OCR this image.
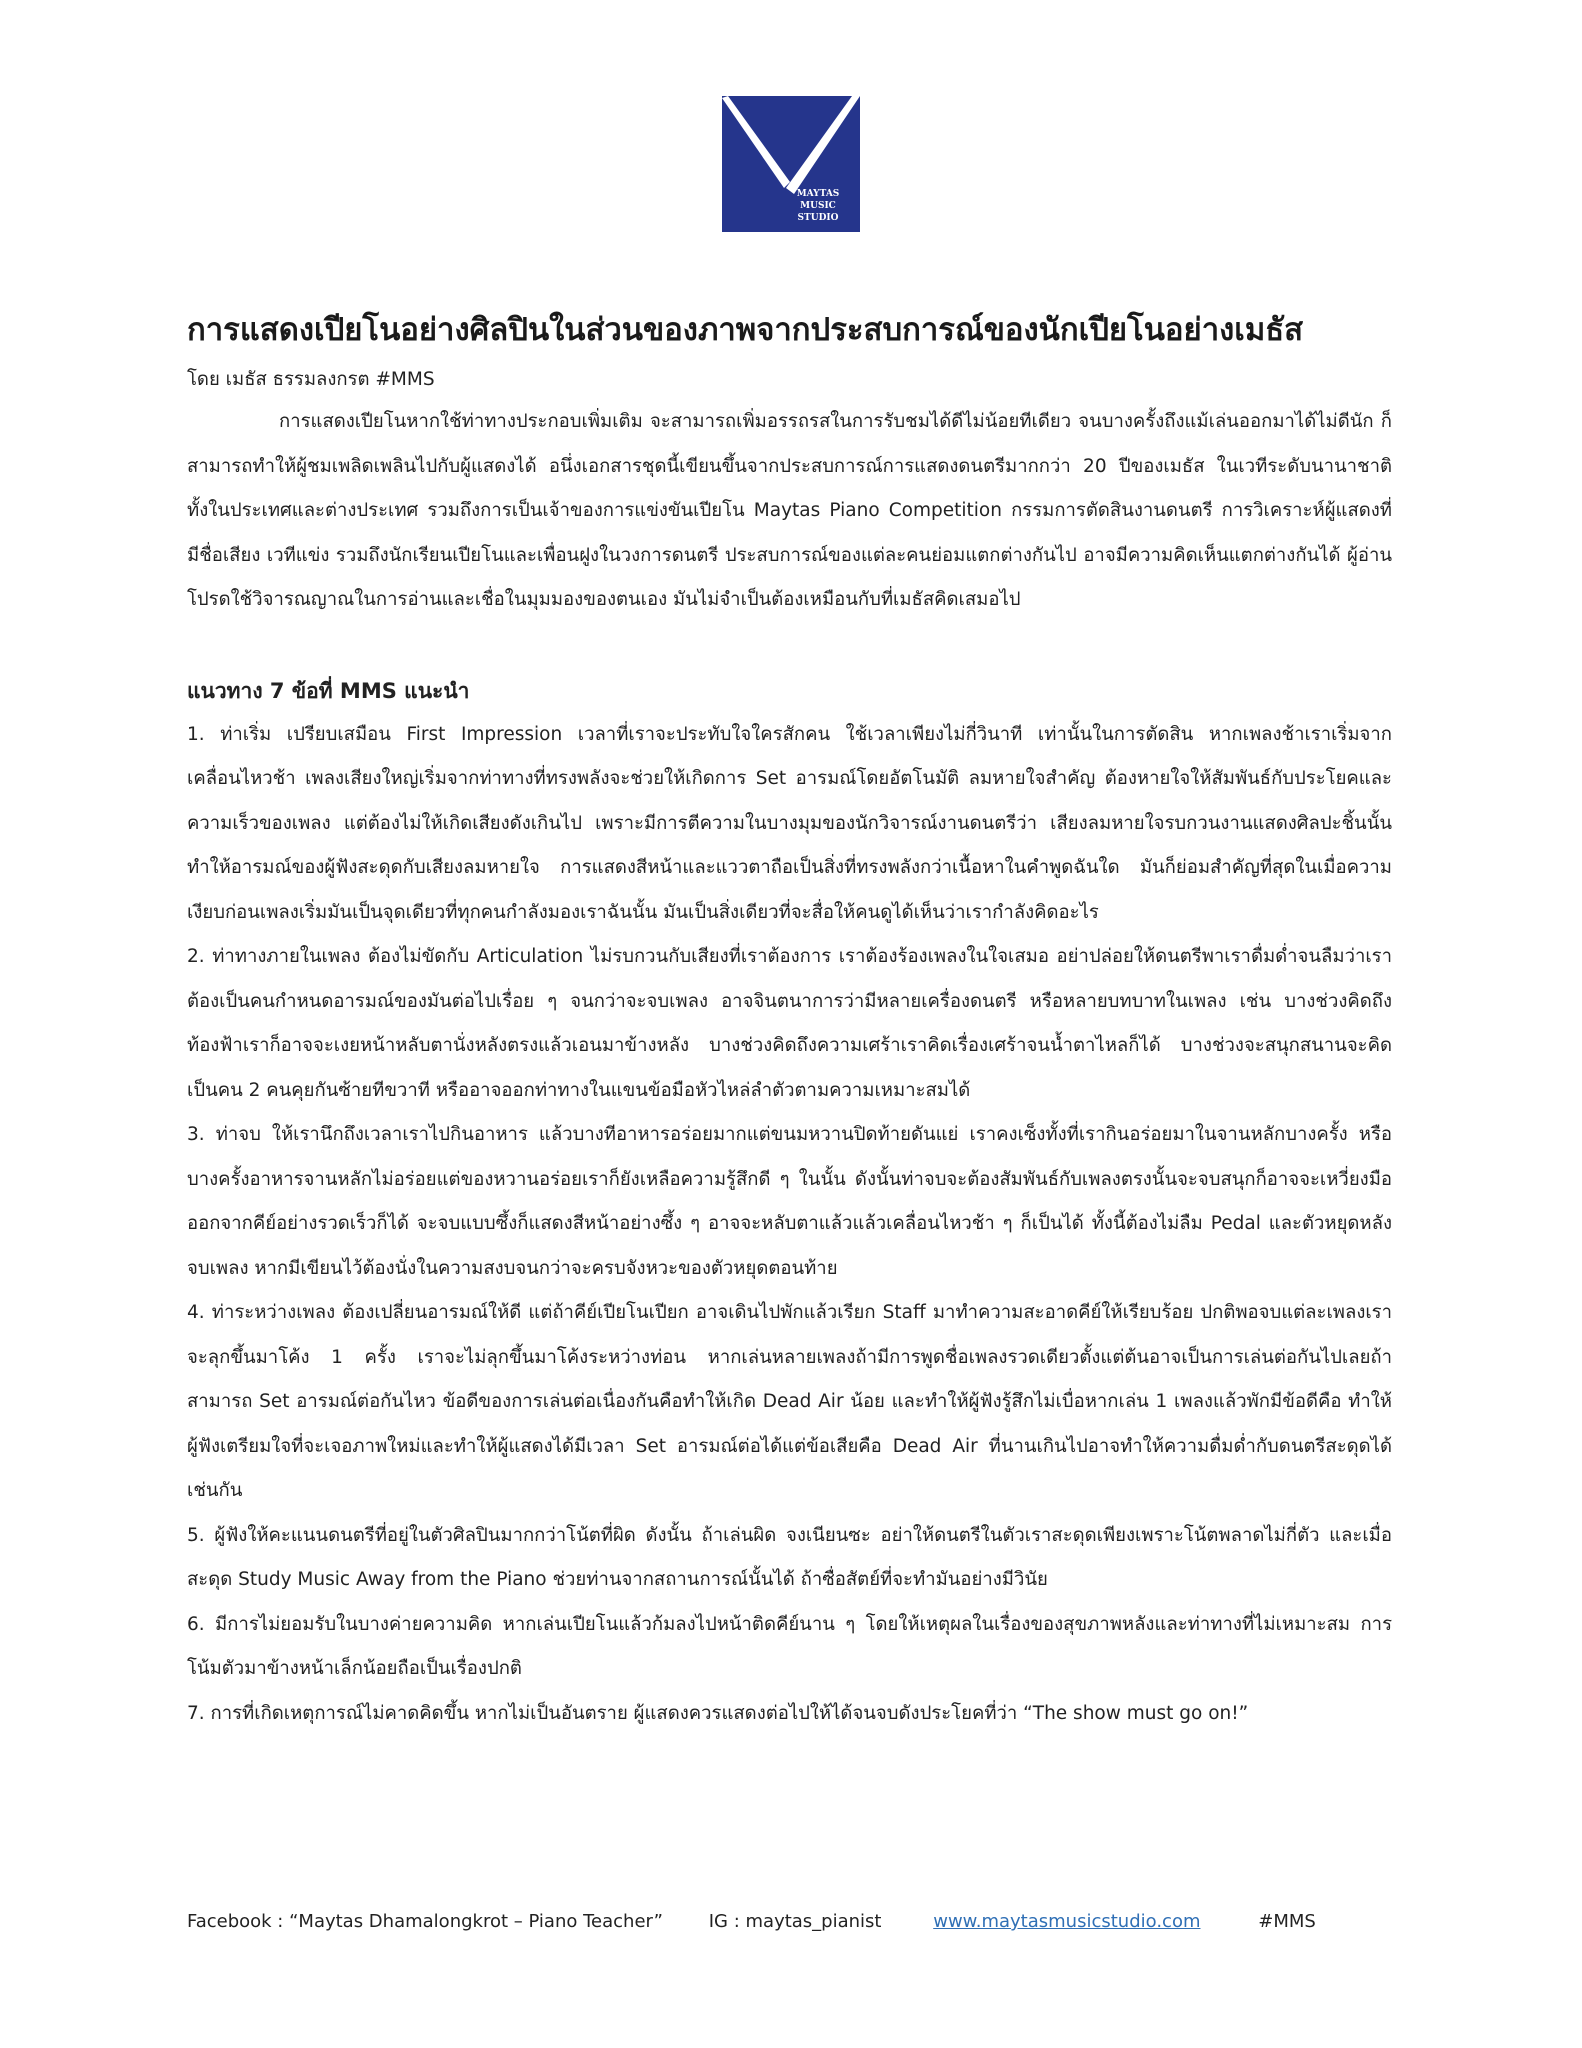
MAYTAS
MUSIC
STUDIO
การแสดงเปียโนอย่างศิลปินในส่วนของภาพจากประสบการณ์ของนักเปียโนอย่างเมธัส

โดย เมธัส ธรรมลงกรต #MMS

การแสดงเปียโนหากใช้ท่าทางประกอบเพิ่มเติม จะสามารถเพิ่มอรรถรสในการรับชมได้ดีไม่น้อยทีเดียว จนบางครั้งถึงแม้เล่นออกมาได้ไม่ดีนัก ก็สามารถทำให้ผู้ชมเพลิดเพลินไปกับผู้แสดงได้ อนึ่งเอกสารชุดนี้เขียนขึ้นจากประสบการณ์การแสดงดนตรีมากกว่า 20 ปีของเมธัส ในเวทีระดับนานาชาติ ทั้งในประเทศและต่างประเทศ รวมถึงการเป็นเจ้าของการแข่งขันเปียโน Maytas Piano Competition กรรมการตัดสินงานดนตรี การวิเคราะห์ผู้แสดงที่มีชื่อเสียง เวทีแข่ง รวมถึงนักเรียนเปียโนและเพื่อนฝูงในวงการดนตรี ประสบการณ์ของแต่ละคนย่อมแตกต่างกันไป อาจมีความคิดเห็นแตกต่างกันได้ ผู้อ่านโปรดใช้วิจารณญาณในการอ่านและเชื่อในมุมมองของตนเอง มันไม่จำเป็นต้องเหมือนกับที่เมธัสคิดเสมอไป

แนวทาง 7 ข้อที่ MMS แนะนำ

1. ท่าเริ่ม เปรียบเสมือน First Impression เวลาที่เราจะประทับใจใครสักคน ใช้เวลาเพียงไม่กี่วินาที เท่านั้นในการตัดสิน หากเพลงช้าเราเริ่มจากเคลื่อนไหวช้า เพลงเสียงใหญ่เริ่มจากท่าทางที่ทรงพลังจะช่วยให้เกิดการ Set อารมณ์โดยอัตโนมัติ ลมหายใจสำคัญ ต้องหายใจให้สัมพันธ์กับประโยคและความเร็วของเพลง แต่ต้องไม่ให้เกิดเสียงดังเกินไป เพราะมีการตีความในบางมุมของนักวิจารณ์งานดนตรีว่า เสียงลมหายใจรบกวนงานแสดงศิลปะชิ้นนั้น ทำให้อารมณ์ของผู้ฟังสะดุดกับเสียงลมหายใจ การแสดงสีหน้าและแววตาถือเป็นสิ่งที่ทรงพลังกว่าเนื้อหาในคำพูดฉันใด มันก็ย่อมสำคัญที่สุดในเมื่อความเงียบก่อนเพลงเริ่มมันเป็นจุดเดียวที่ทุกคนกำลังมองเราฉันนั้น มันเป็นสิ่งเดียวที่จะสื่อให้คนดูได้เห็นว่าเรากำลังคิดอะไร

2. ท่าทางภายในเพลง ต้องไม่ขัดกับ Articulation ไม่รบกวนกับเสียงที่เราต้องการ เราต้องร้องเพลงในใจเสมอ อย่าปล่อยให้ดนตรีพาเราดื่มด่ำจนลืมว่าเราต้องเป็นคนกำหนดอารมณ์ของมันต่อไปเรื่อย ๆ จนกว่าจะจบเพลง อาจจินตนาการว่ามีหลายเครื่องดนตรี หรือหลายบทบาทในเพลง เช่น บางช่วงคิดถึงท้องฟ้าเราก็อาจจะเงยหน้าหลับตานั่งหลังตรงแล้วเอนมาข้างหลัง บางช่วงคิดถึงความเศร้าเราคิดเรื่องเศร้าจนน้ำตาไหลก็ได้ บางช่วงจะสนุกสนานจะคิดเป็นคน 2 คนคุยกันซ้ายทีขวาที หรืออาจออกท่าทางในแขนข้อมือหัวไหล่ลำตัวตามความเหมาะสมได้

3. ท่าจบ ให้เรานึกถึงเวลาเราไปกินอาหาร แล้วบางทีอาหารอร่อยมากแต่ขนมหวานปิดท้ายดันแย่ เราคงเซ็งทั้งที่เรากินอร่อยมาในจานหลักบางครั้ง หรือบางครั้งอาหารจานหลักไม่อร่อยแต่ของหวานอร่อยเราก็ยังเหลือความรู้สึกดี ๆ ในนั้น ดังนั้นท่าจบจะต้องสัมพันธ์กับเพลงตรงนั้นจะจบสนุกก็อาจจะเหวี่ยงมือออกจากคีย์อย่างรวดเร็วก็ได้ จะจบแบบซึ้งก็แสดงสีหน้าอย่างซึ้ง ๆ อาจจะหลับตาแล้วแล้วเคลื่อนไหวช้า ๆ ก็เป็นได้ ทั้งนี้ต้องไม่ลืม Pedal และตัวหยุดหลังจบเพลง หากมีเขียนไว้ต้องนั่งในความสงบจนกว่าจะครบจังหวะของตัวหยุดตอนท้าย

4. ท่าระหว่างเพลง ต้องเปลี่ยนอารมณ์ให้ดี แต่ถ้าคีย์เปียโนเปียก อาจเดินไปพักแล้วเรียก Staff มาทำความสะอาดคีย์ให้เรียบร้อย ปกติพอจบแต่ละเพลงเราจะลุกขึ้นมาโค้ง 1 ครั้ง เราจะไม่ลุกขึ้นมาโค้งระหว่างท่อน หากเล่นหลายเพลงถ้ามีการพูดชื่อเพลงรวดเดียวตั้งแต่ต้นอาจเป็นการเล่นต่อกันไปเลยถ้าสามารถ Set อารมณ์ต่อกันไหว ข้อดีของการเล่นต่อเนื่องกันคือทำให้เกิด Dead Air น้อย และทำให้ผู้ฟังรู้สึกไม่เบื่อหากเล่น 1 เพลงแล้วพักมีข้อดีคือ ทำให้ผู้ฟังเตรียมใจที่จะเจอภาพใหม่และทำให้ผู้แสดงได้มีเวลา Set อารมณ์ต่อได้แต่ข้อเสียคือ Dead Air ที่นานเกินไปอาจทำให้ความดื่มด่ำกับดนตรีสะดุดได้ เช่นกัน

5. ผู้ฟังให้คะแนนดนตรีที่อยู่ในตัวศิลปินมากกว่าโน้ตที่ผิด ดังนั้น ถ้าเล่นผิด จงเนียนซะ อย่าให้ดนตรีในตัวเราสะดุดเพียงเพราะโน้ตพลาดไม่กี่ตัว และเมื่อสะดุด Study Music Away from the Piano ช่วยท่านจากสถานการณ์นั้นได้ ถ้าซื่อสัตย์ที่จะทำมันอย่างมีวินัย

6. มีการไม่ยอมรับในบางค่ายความคิด หากเล่นเปียโนแล้วก้มลงไปหน้าติดคีย์นาน ๆ โดยให้เหตุผลในเรื่องของสุขภาพหลังและท่าทางที่ไม่เหมาะสม การโน้มตัวมาข้างหน้าเล็กน้อยถือเป็นเรื่องปกติ

7. การที่เกิดเหตุการณ์ไม่คาดคิดขึ้น หากไม่เป็นอันตราย ผู้แสดงควรแสดงต่อไปให้ได้จนจบดังประโยคที่ว่า “The show must go on!”

Facebook : “Maytas Dhamalongkrot – Piano Teacher”	IG : maytas_pianist	www.maytasmusicstudio.com	#MMS
